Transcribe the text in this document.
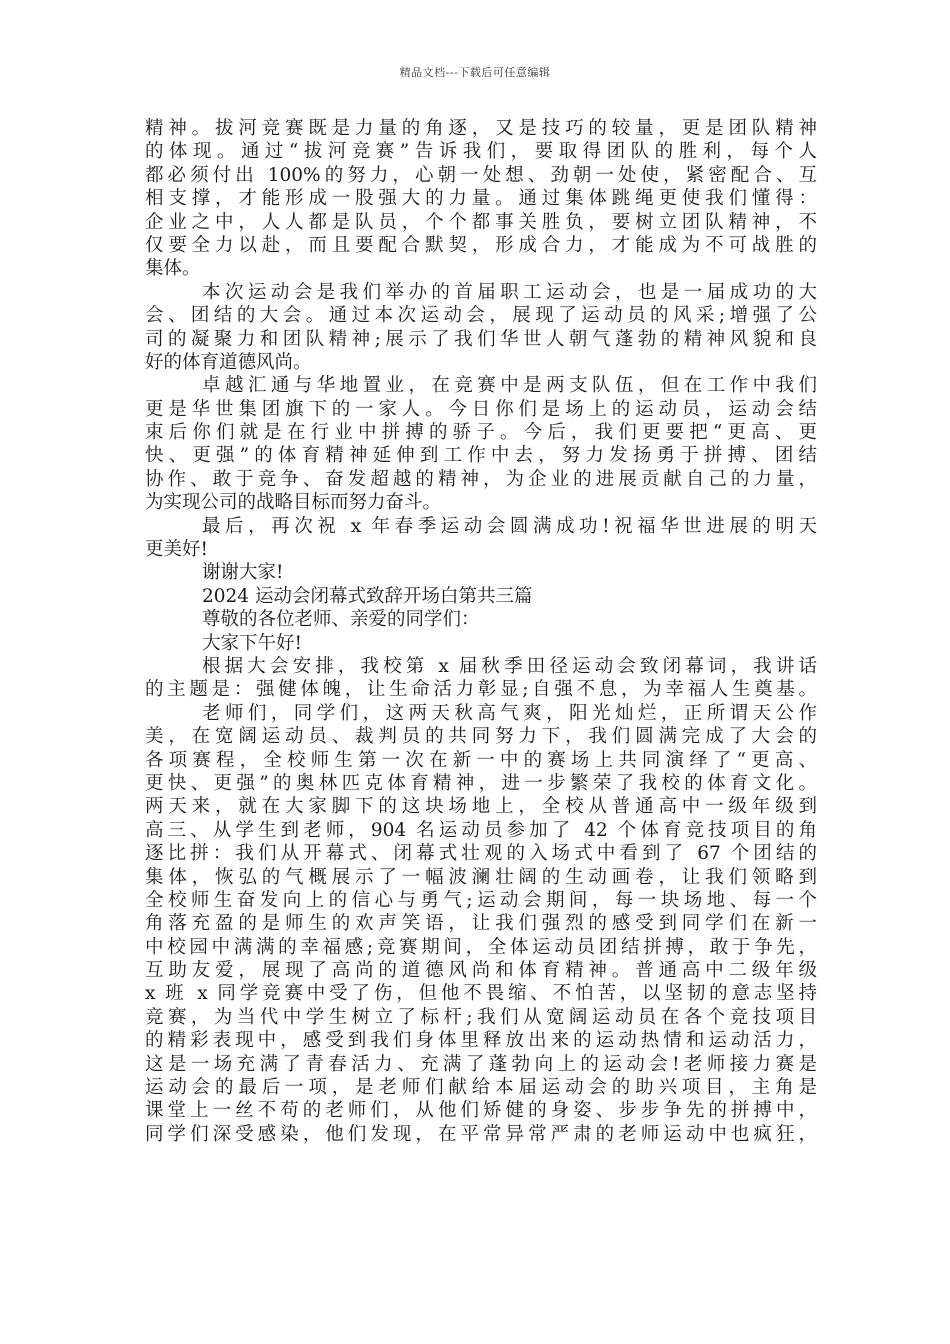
精品文档---下载后可任意编辑
精神。拔河竞赛既是力量的角逐，又是技巧的较量，更是团队精神
的体现。通过“拔河竞赛”告诉我们，要取得团队的胜利，每个人
都必须付出 100%的努力，心朝一处想、劲朝一处使，紧密配合、互
相支撑，才能形成一股强大的力量。通过集体跳绳更使我们懂得：
企业之中，人人都是队员，个个都事关胜负，要树立团队精神，不
仅要全力以赴，而且要配合默契，形成合力，才能成为不可战胜的
集体。
本次运动会是我们举办的首届职工运动会，也是一届成功的大
会、团结的大会。通过本次运动会，展现了运动员的风采;增强了公
司的凝聚力和团队精神;展示了我们华世人朝气蓬勃的精神风貌和良
好的体育道德风尚。
卓越汇通与华地置业，在竞赛中是两支队伍，但在工作中我们
更是华世集团旗下的一家人。今日你们是场上的运动员，运动会结
束后你们就是在行业中拼搏的骄子。今后，我们更要把“更高、更
快、更强”的体育精神延伸到工作中去，努力发扬勇于拼搏、团结
协作、敢于竞争、奋发超越的精神，为企业的进展贡献自己的力量，
为实现公司的战略目标而努力奋斗。
最后，再次祝 x 年春季运动会圆满成功!祝福华世进展的明天
更美好!
谢谢大家!
2024 运动会闭幕式致辞开场白第共三篇
尊敬的各位老师、亲爱的同学们：
大家下午好!
根据大会安排，我校第 x 届秋季田径运动会致闭幕词，我讲话
的主题是：强健体魄，让生命活力彰显;自强不息，为幸福人生奠基。
老师们，同学们，这两天秋高气爽，阳光灿烂，正所谓天公作
美，在宽阔运动员、裁判员的共同努力下，我们圆满完成了大会的
各项赛程，全校师生第一次在新一中的赛场上共同演绎了“更高、
更快、更强”的奥林匹克体育精神，进一步繁荣了我校的体育文化。
两天来，就在大家脚下的这块场地上，全校从普通高中一级年级到
高三、从学生到老师，904 名运动员参加了 42 个体育竞技项目的角
逐比拼：我们从开幕式、闭幕式壮观的入场式中看到了 67 个团结的
集体，恢弘的气概展示了一幅波澜壮阔的生动画卷，让我们领略到
全校师生奋发向上的信心与勇气;运动会期间，每一块场地、每一个
角落充盈的是师生的欢声笑语，让我们强烈的感受到同学们在新一
中校园中满满的幸福感;竞赛期间，全体运动员团结拼搏，敢于争先，
互助友爱，展现了高尚的道德风尚和体育精神。普通高中二级年级
x 班 x 同学竞赛中受了伤，但他不畏缩、不怕苦，以坚韧的意志坚持
竞赛，为当代中学生树立了标杆;我们从宽阔运动员在各个竞技项目
的精彩表现中，感受到我们身体里释放出来的运动热情和运动活力，
这是一场充满了青春活力、充满了蓬勃向上的运动会!老师接力赛是
运动会的最后一项，是老师们献给本届运动会的助兴项目，主角是
课堂上一丝不苟的老师们，从他们矫健的身姿、步步争先的拼搏中，
同学们深受感染，他们发现，在平常异常严肃的老师运动中也疯狂，
